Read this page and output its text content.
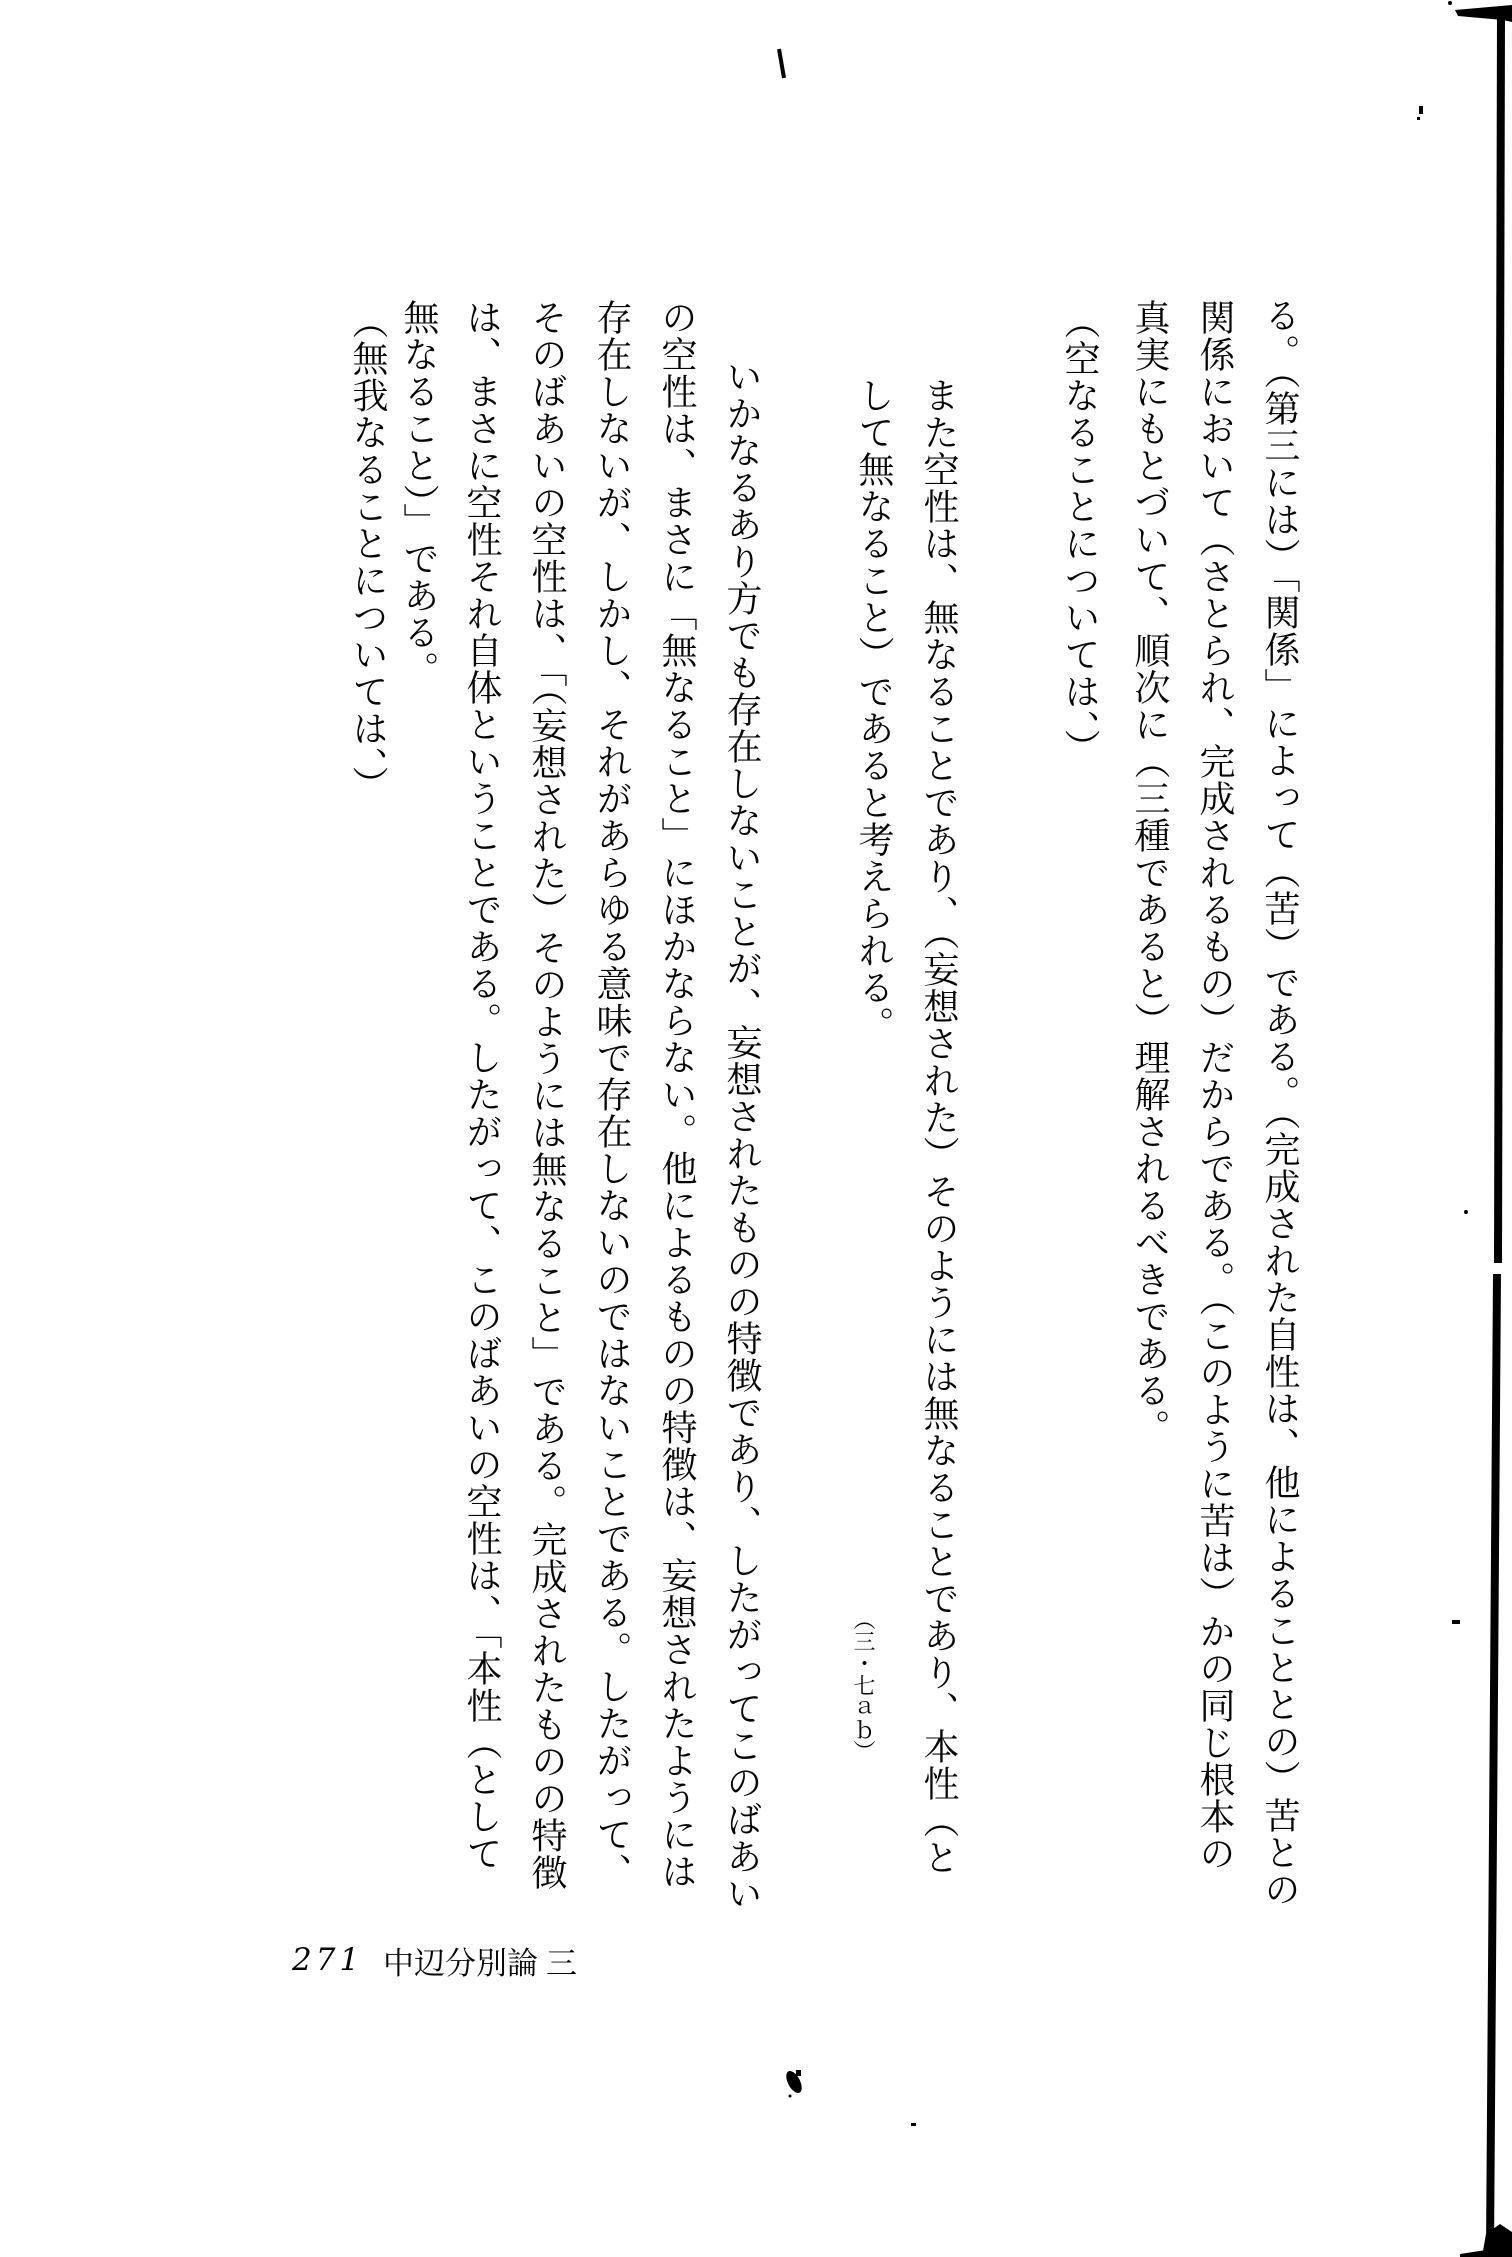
る。（第三には）「関係」によって（苦）である。（完成された自性は、他によることとの）苦との
関係において（さとられ、完成されるもの）だからである。（このように苦は）かの同じ根本の
真実にもとづいて、順次に（三種であると）理解されるべきである。
（空なることについては、）
また空性は、無なることであり、（妄想された）そのようには無なることであり、本性（と
して無なること）であると考えられる。
（三・七ａｂ）
いかなるあり方でも存在しないことが、妄想されたものの特徴であり、したがってこのばあい
の空性は、まさに「無なること」にほかならない。他によるものの特徴は、妄想されたようには
存在しないが、しかし、それがあらゆる意味で存在しないのではないことである。したがって、
そのばあいの空性は、「（妄想された）そのようには無なること」である。完成されたものの特徴
は、まさに空性それ自体ということである。したがって、このばあいの空性は、「本性（として
無なること）」である。
（無我なることについては、）
271 中辺分別論 三
